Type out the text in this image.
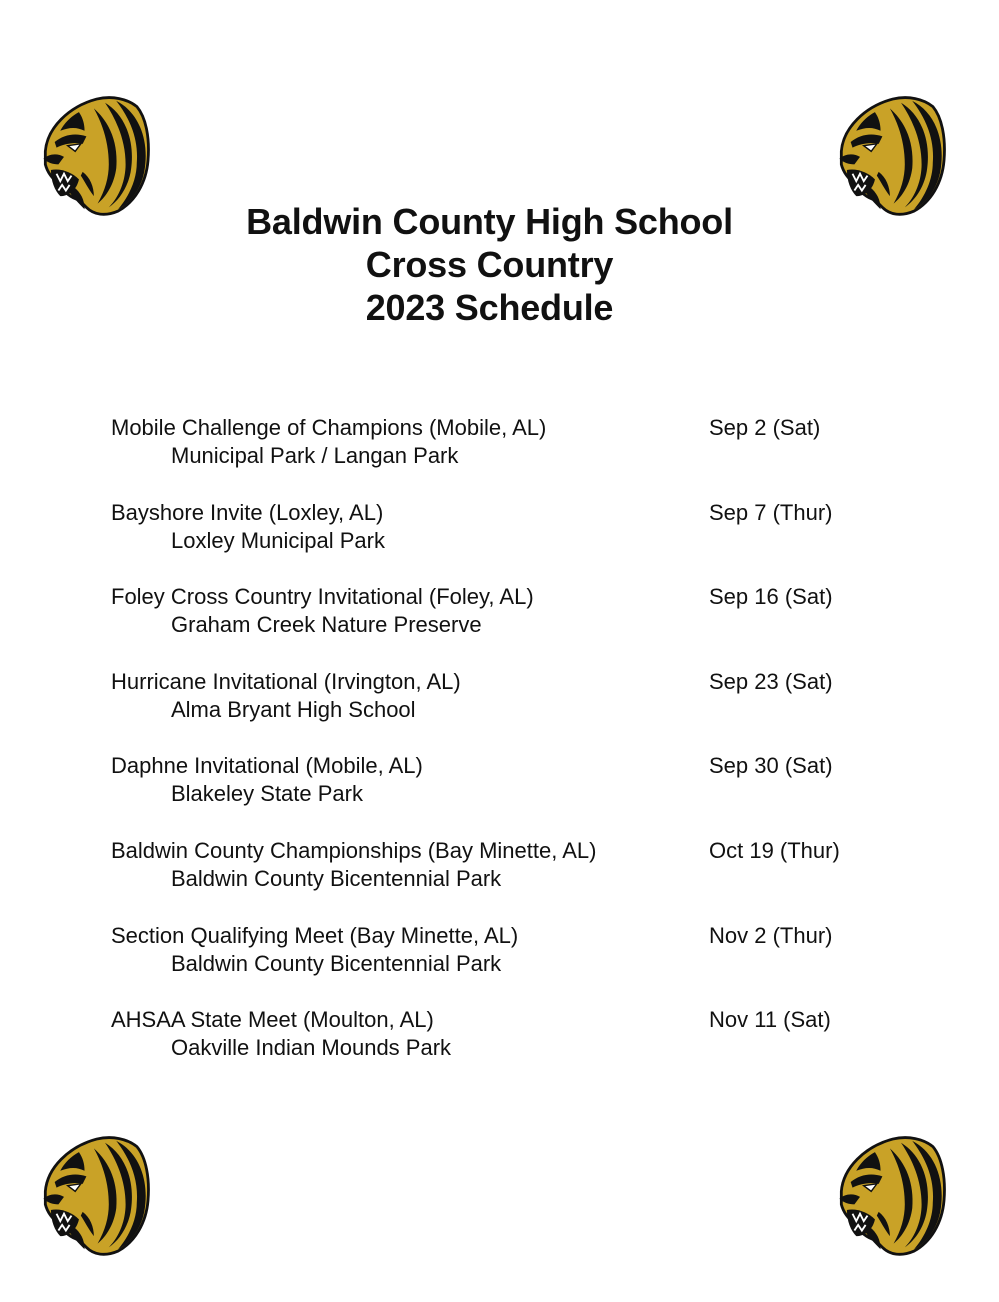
Baldwin County High School
Cross Country
2023 Schedule
Mobile Challenge of Champions (Mobile, AL)
Municipal Park / Langan Park
Sep 2 (Sat)
Bayshore Invite (Loxley, AL)
Loxley Municipal Park
Sep 7 (Thur)
Foley Cross Country Invitational (Foley, AL)
Graham Creek Nature Preserve
Sep 16 (Sat)
Hurricane Invitational (Irvington, AL)
Alma Bryant High School
Sep 23 (Sat)
Daphne Invitational (Mobile, AL)
Blakeley State Park
Sep 30 (Sat)
Baldwin County Championships (Bay Minette, AL)
Baldwin County Bicentennial Park
Oct 19 (Thur)
Section Qualifying Meet (Bay Minette, AL)
Baldwin County Bicentennial Park
Nov 2 (Thur)
AHSAA State Meet (Moulton, AL)
Oakville Indian Mounds Park
Nov 11 (Sat)
